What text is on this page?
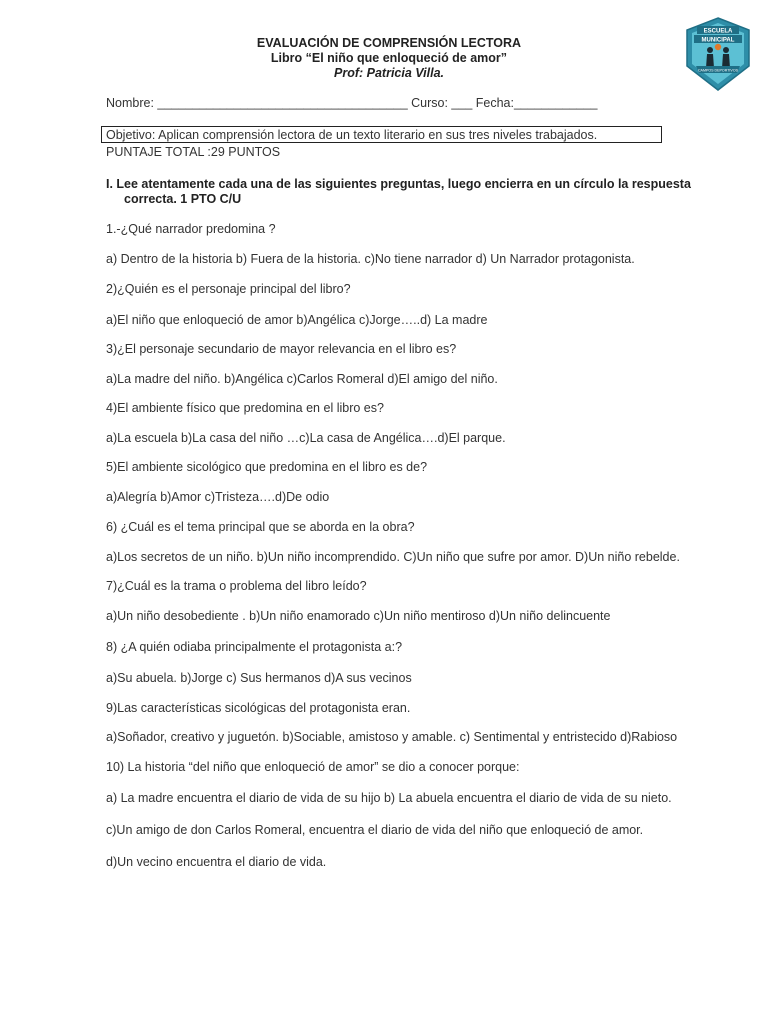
EVALUACIÓN DE COMPRENSIÓN LECTORA
Libro “El niño que enloqueció de amor”
Prof: Patricia Villa.
ESCUELA
MUNICIPAL
CAMPOS DEPORTIVOS
Nombre: ____________________________________ Curso: ___ Fecha:____________
Objetivo: Aplican comprensión lectora de un texto literario en sus tres niveles trabajados.
PUNTAJE TOTAL :29 PUNTOS
I. Lee atentamente cada una de las siguientes preguntas, luego encierra en un círculo la respuesta
correcta. 1 PTO C/U
1.-¿Qué narrador predomina ?
a) Dentro de la historia b) Fuera de la historia. c)No tiene narrador d) Un Narrador protagonista.
2)¿Quién es el personaje principal del libro?
a)El niño que enloqueció de amor b)Angélica c)Jorge…..d) La madre
3)¿El personaje secundario de mayor relevancia en el libro es?
a)La madre del niño. b)Angélica c)Carlos Romeral d)El amigo del niño.
4)El ambiente físico que predomina en el libro es?
a)La escuela b)La casa del niño …c)La casa de Angélica….d)El parque.
5)El ambiente sicológico que predomina en el libro es de?
a)Alegría b)Amor c)Tristeza….d)De odio
6) ¿Cuál es el tema principal que se aborda en la obra?
a)Los secretos de un niño. b)Un niño incomprendido. C)Un niño que sufre por amor. D)Un niño rebelde.
7)¿Cuál es la trama o problema del libro leído?
a)Un niño desobediente . b)Un niño enamorado c)Un niño mentiroso d)Un niño delincuente
8) ¿A quién odiaba principalmente el protagonista a:?
a)Su abuela. b)Jorge c) Sus hermanos d)A sus vecinos
9)Las características sicológicas del protagonista eran.
a)Soñador, creativo y juguetón. b)Sociable, amistoso y amable. c) Sentimental y entristecido d)Rabioso
10) La historia “del niño que enloqueció de amor” se dio a conocer porque:
a) La madre encuentra el diario de vida de su hijo b) La abuela encuentra el diario de vida de su nieto.
c)Un amigo de don Carlos Romeral, encuentra el diario de vida del niño que enloqueció de amor.
d)Un vecino encuentra el diario de vida.
